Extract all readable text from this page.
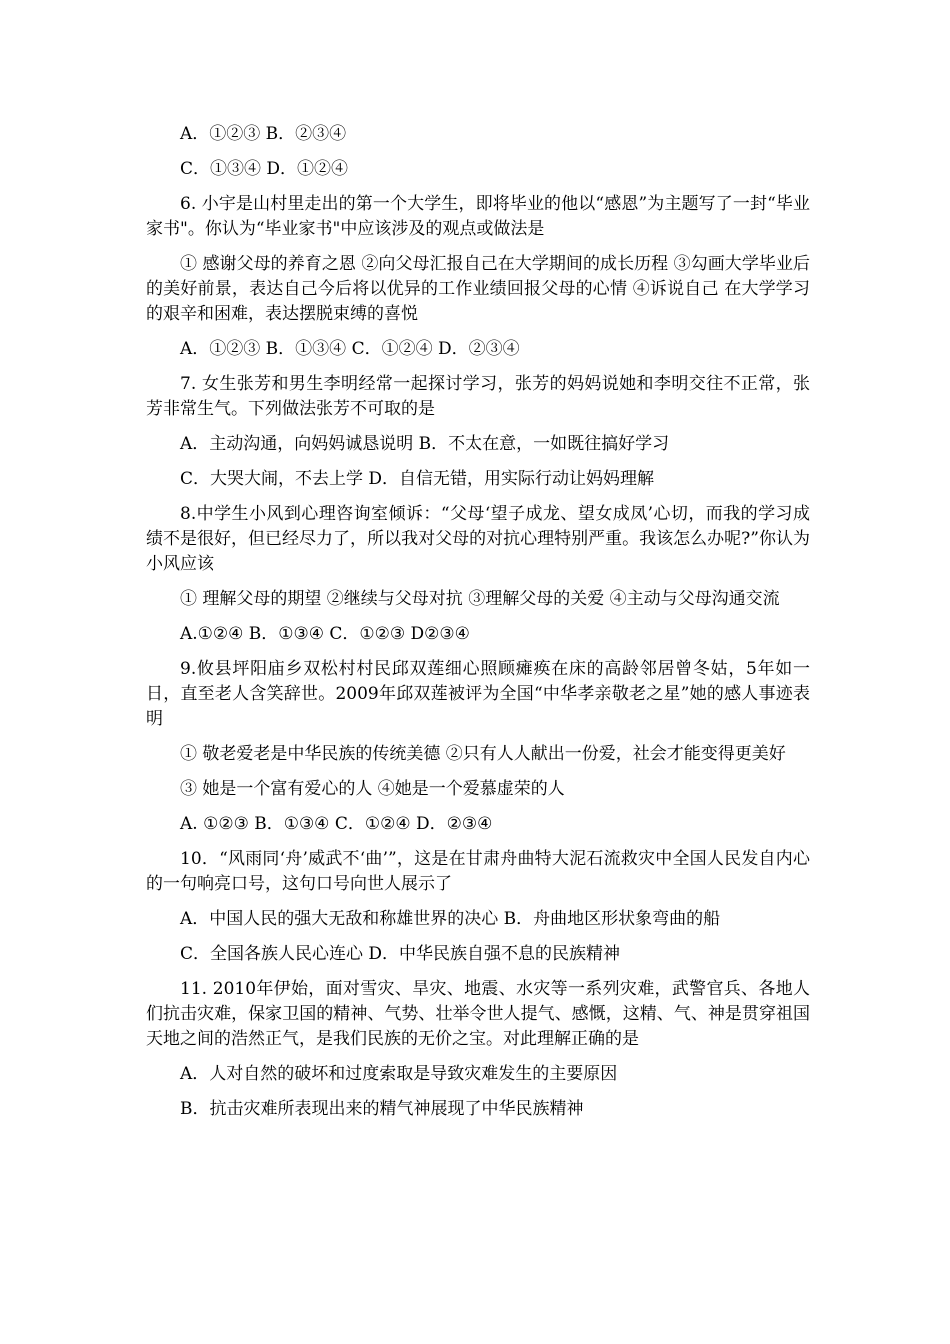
A．①②③ B．②③④

C．①③④ D．①②④

6. 小宇是山村里走出的第一个大学生，即将毕业的他以“感恩”为主题写了一封“毕业家书"。你认为“毕业家书"中应该涉及的观点或做法是

① 感谢父母的养育之恩 ②向父母汇报自己在大学期间的成长历程 ③勾画大学毕业后的美好前景，表达自己今后将以优异的工作业绩回报父母的心情 ④诉说自己 在大学学习的艰辛和困难，表达摆脱束缚的喜悦

A．①②③ B．①③④ C．①②④ D．②③④

7. 女生张芳和男生李明经常一起探讨学习，张芳的妈妈说她和李明交往不正常，张芳非常生气。下列做法张芳不可取的是

A．主动沟通，向妈妈诚恳说明 B．不太在意，一如既往搞好学习

C．大哭大闹，不去上学 D．自信无错，用实际行动让妈妈理解

8.中学生小风到心理咨询室倾诉：“父母‘望子成龙、望女成凤’心切，而我的学习成绩不是很好，但已经尽力了，所以我对父母的对抗心理特别严重。我该怎么办呢?”你认为小风应该

① 理解父母的期望 ②继续与父母对抗 ③理解父母的关爱 ④主动与父母沟通交流

A.①②④ B．①③④ C．①②③ D②③④

9.攸县坪阳庙乡双松村村民邱双莲细心照顾瘫痪在床的高龄邻居曾冬姑，5年如一日，直至老人含笑辞世。2009年邱双莲被评为全国“中华孝亲敬老之星”她的感人事迹表明

① 敬老爱老是中华民族的传统美德 ②只有人人献出一份爱，社会才能变得更美好

③ 她是一个富有爱心的人 ④她是一个爱慕虚荣的人

A. ①②③ B．①③④ C．①②④ D．②③④

10．“风雨同‘舟’威武不‘曲’”，这是在甘肃舟曲特大泥石流救灾中全国人民发自内心的一句响亮口号，这句口号向世人展示了

A．中国人民的强大无敌和称雄世界的决心 B．舟曲地区形状象弯曲的船

C．全国各族人民心连心 D．中华民族自强不息的民族精神

11. 2010年伊始，面对雪灾、旱灾、地震、水灾等一系列灾难，武警官兵、各地人们抗击灾难，保家卫国的精神、气势、壮举令世人提气、感慨，这精、气、神是贯穿祖国天地之间的浩然正气，是我们民族的无价之宝。对此理解正确的是

A．人对自然的破坏和过度索取是导致灾难发生的主要原因

B．抗击灾难所表现出来的精气神展现了中华民族精神
